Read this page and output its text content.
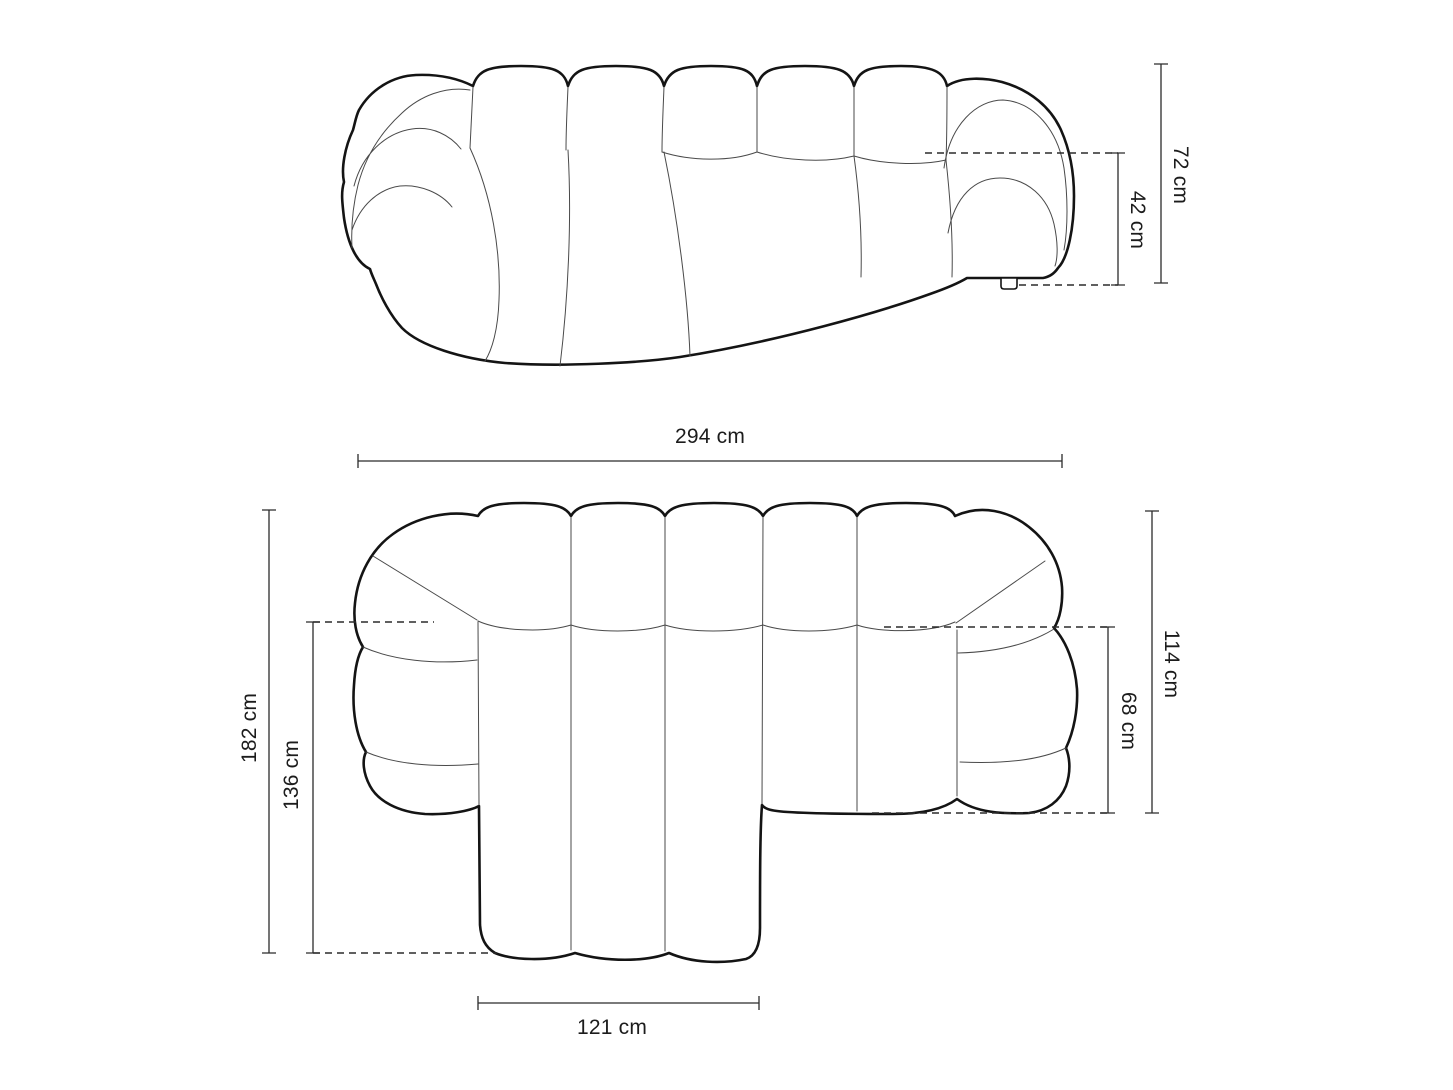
72 cm
42 cm
294 cm
182 cm
136 cm
114 cm
68 cm
121 cm
